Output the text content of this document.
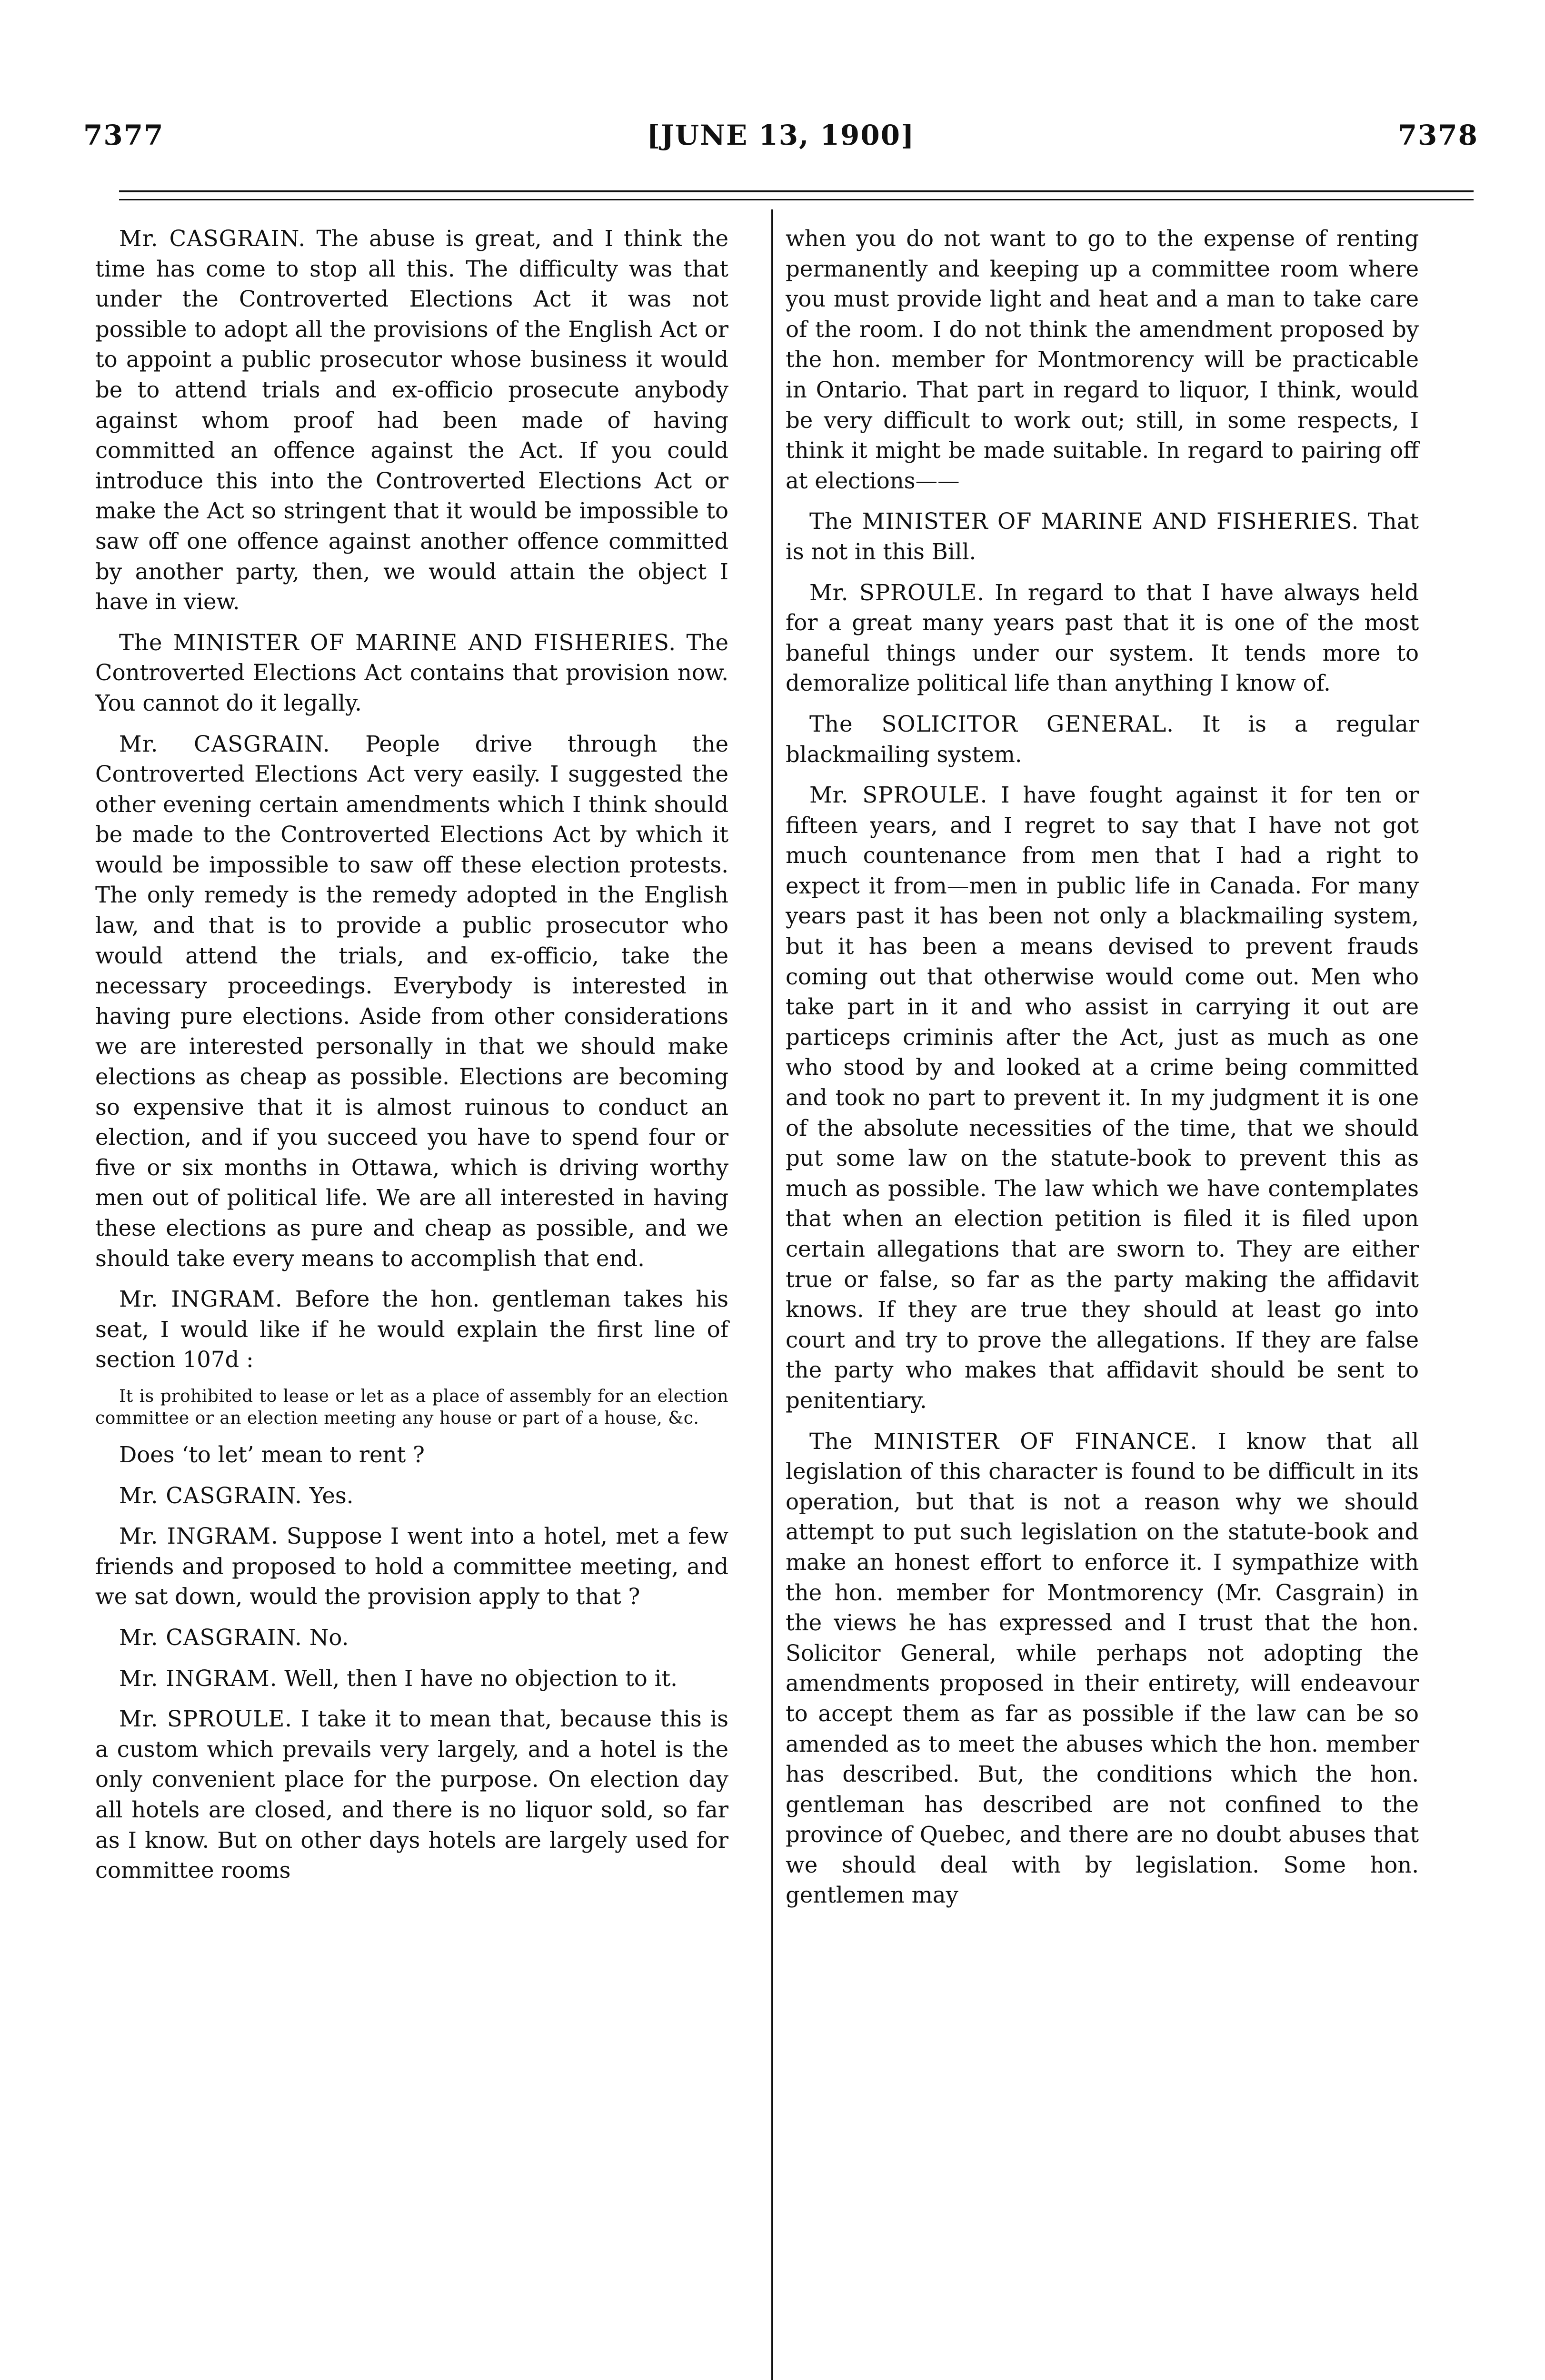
7377	[JUNE 13, 1900]	7378

Mr. CASGRAIN. The abuse is great, and I think the time has come to stop all this. The difficulty was that under the Controverted Elections Act it was not possible to adopt all the provisions of the English Act or to appoint a public prosecutor whose business it would be to attend trials and ex-officio prosecute anybody against whom proof had been made of having committed an offence against the Act. If you could introduce this into the Controverted Elections Act or make the Act so stringent that it would be impossible to saw off one offence against another offence committed by another party, then, we would attain the object I have in view.

The MINISTER OF MARINE AND FISHERIES. The Controverted Elections Act contains that provision now. You cannot do it legally.

Mr. CASGRAIN. People drive through the Controverted Elections Act very easily. I suggested the other evening certain amendments which I think should be made to the Controverted Elections Act by which it would be impossible to saw off these election protests. The only remedy is the remedy adopted in the English law, and that is to provide a public prosecutor who would attend the trials, and ex-officio, take the necessary proceedings. Everybody is interested in having pure elections. Aside from other considerations we are interested personally in that we should make elections as cheap as possible. Elections are becoming so expensive that it is almost ruinous to conduct an election, and if you succeed you have to spend four or five or six months in Ottawa, which is driving worthy men out of political life. We are all interested in having these elections as pure and cheap as possible, and we should take every means to accomplish that end.

Mr. INGRAM. Before the hon. gentleman takes his seat, I would like if he would explain the first line of section 107d :

It is prohibited to lease or let as a place of assembly for an election committee or an election meeting any house or part of a house, &c.

Does ‘to let’ mean to rent ?

Mr. CASGRAIN. Yes.

Mr. INGRAM. Suppose I went into a hotel, met a few friends and proposed to hold a committee meeting, and we sat down, would the provision apply to that ?

Mr. CASGRAIN. No.

Mr. INGRAM. Well, then I have no objection to it.

Mr. SPROULE. I take it to mean that, because this is a custom which prevails very largely, and a hotel is the only convenient place for the purpose. On election day all hotels are closed, and there is no liquor sold, so far as I know. But on other days hotels are largely used for committee rooms

when you do not want to go to the expense of renting permanently and keeping up a committee room where you must provide light and heat and a man to take care of the room. I do not think the amendment proposed by the hon. member for Montmorency will be practicable in Ontario. That part in regard to liquor, I think, would be very difficult to work out; still, in some respects, I think it might be made suitable. In regard to pairing off at elections——

The MINISTER OF MARINE AND FISHERIES. That is not in this Bill.

Mr. SPROULE. In regard to that I have always held for a great many years past that it is one of the most baneful things under our system. It tends more to demoralize political life than anything I know of.

The SOLICITOR GENERAL. It is a regular blackmailing system.

Mr. SPROULE. I have fought against it for ten or fifteen years, and I regret to say that I have not got much countenance from men that I had a right to expect it from—men in public life in Canada. For many years past it has been not only a blackmailing system, but it has been a means devised to prevent frauds coming out that otherwise would come out. Men who take part in it and who assist in carrying it out are particeps criminis after the Act, just as much as one who stood by and looked at a crime being committed and took no part to prevent it. In my judgment it is one of the absolute necessities of the time, that we should put some law on the statute-book to prevent this as much as possible. The law which we have contemplates that when an election petition is filed it is filed upon certain allegations that are sworn to. They are either true or false, so far as the party making the affidavit knows. If they are true they should at least go into court and try to prove the allegations. If they are false the party who makes that affidavit should be sent to penitentiary.

The MINISTER OF FINANCE. I know that all legislation of this character is found to be difficult in its operation, but that is not a reason why we should attempt to put such legislation on the statute-book and make an honest effort to enforce it. I sympathize with the hon. member for Montmorency (Mr. Casgrain) in the views he has expressed and I trust that the hon. Solicitor General, while perhaps not adopting the amendments proposed in their entirety, will endeavour to accept them as far as possible if the law can be so amended as to meet the abuses which the hon. member has described. But, the conditions which the hon. gentleman has described are not confined to the province of Quebec, and there are no doubt abuses that we should deal with by legislation. Some hon. gentlemen may
